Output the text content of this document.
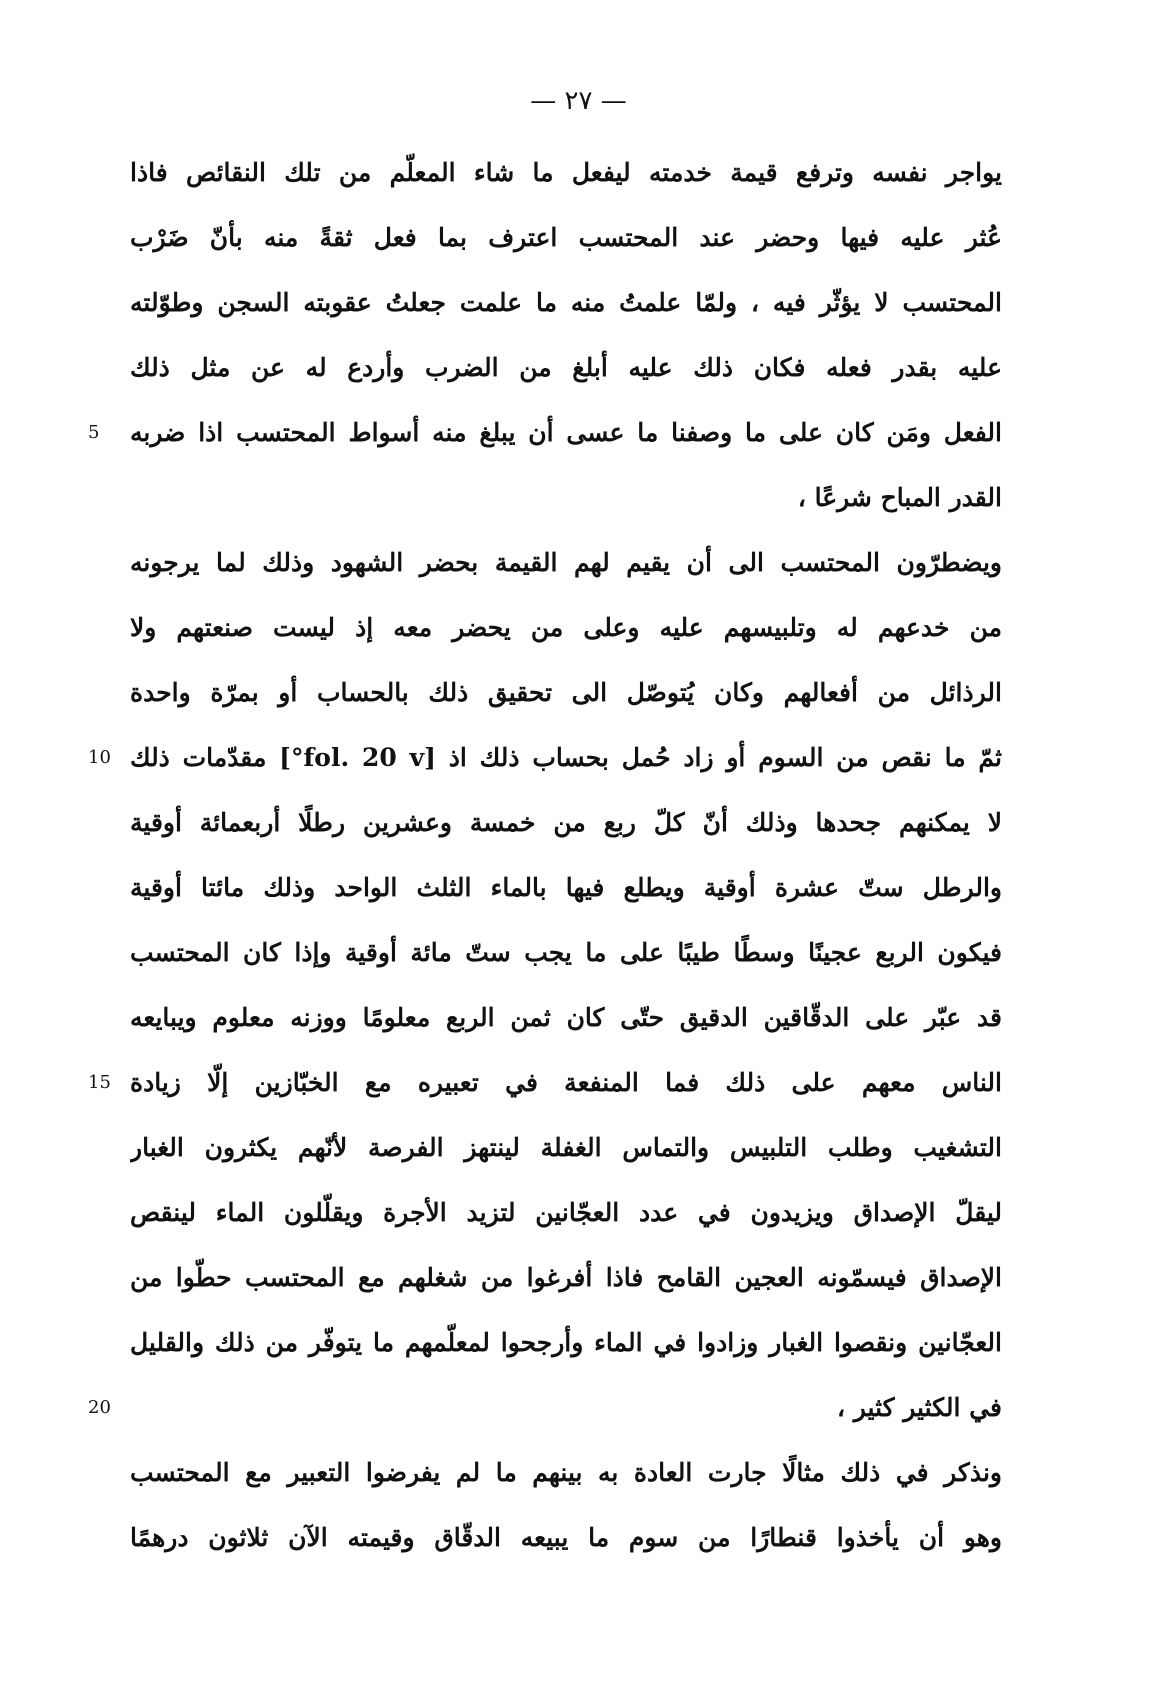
— ٢٧ —
يواجر نفسه وترفع قيمة خدمته ليفعل ما شاء المعلّم من تلك النقائص فاذا
عُثر عليه فيها وحضر عند المحتسب اعترف بما فعل ثقةً منه بأنّ ضَرْب
المحتسب لا يؤثّر فيه ، ولمّا علمتُ منه ما علمت جعلتُ عقوبته السجن وطوّلته
عليه بقدر فعله فكان ذلك عليه أبلغ من الضرب وأردع له عن مثل ذلك
الفعل ومَن كان على ما وصفنا ما عسى أن يبلغ منه أسواط المحتسب اذا ضربه
القدر المباح شرعًا ،
ويضطرّون المحتسب الى أن يقيم لهم القيمة بحضر الشهود وذلك لما يرجونه
من خدعهم له وتلبيسهم عليه وعلى من يحضر معه إذ ليست صنعتهم ولا
الرذائل من أفعالهم وكان يُتوصّل الى تحقيق ذلك بالحساب أو بمرّة واحدة
ثمّ ما نقص من السوم أو زاد حُمل بحساب ذلك اذ [fol. 20 v°] مقدّمات ذلك
لا يمكنهم جحدها وذلك أنّ كلّ ربع من خمسة وعشرين رطلًا أربعمائة أوقية
والرطل ستّ عشرة أوقية ويطلع فيها بالماء الثلث الواحد وذلك مائتا أوقية
فيكون الربع عجينًا وسطًا طيبًا على ما يجب ستّ مائة أوقية وإذا كان المحتسب
قد عبّر على الدقّاقين الدقيق حتّى كان ثمن الربع معلومًا ووزنه معلوم ويبايعه
الناس معهم على ذلك فما المنفعة في تعبيره مع الخبّازين إلّا زيادة
التشغيب وطلب التلبيس والتماس الغفلة لينتهز الفرصة لأنّهم يكثرون الغبار
ليقلّ الإصداق ويزيدون في عدد العجّانين لتزيد الأجرة ويقلّلون الماء لينقص
الإصداق فيسمّونه العجين القامح فاذا أفرغوا من شغلهم مع المحتسب حطّوا من
العجّانين ونقصوا الغبار وزادوا في الماء وأرجحوا لمعلّمهم ما يتوفّر من ذلك والقليل
في الكثير كثير ،
ونذكر في ذلك مثالًا جارت العادة به بينهم ما لم يفرضوا التعبير مع المحتسب
وهو أن يأخذوا قنطارًا من سوم ما يبيعه الدقّاق وقيمته الآن ثلاثون درهمًا
5
10
15
20
